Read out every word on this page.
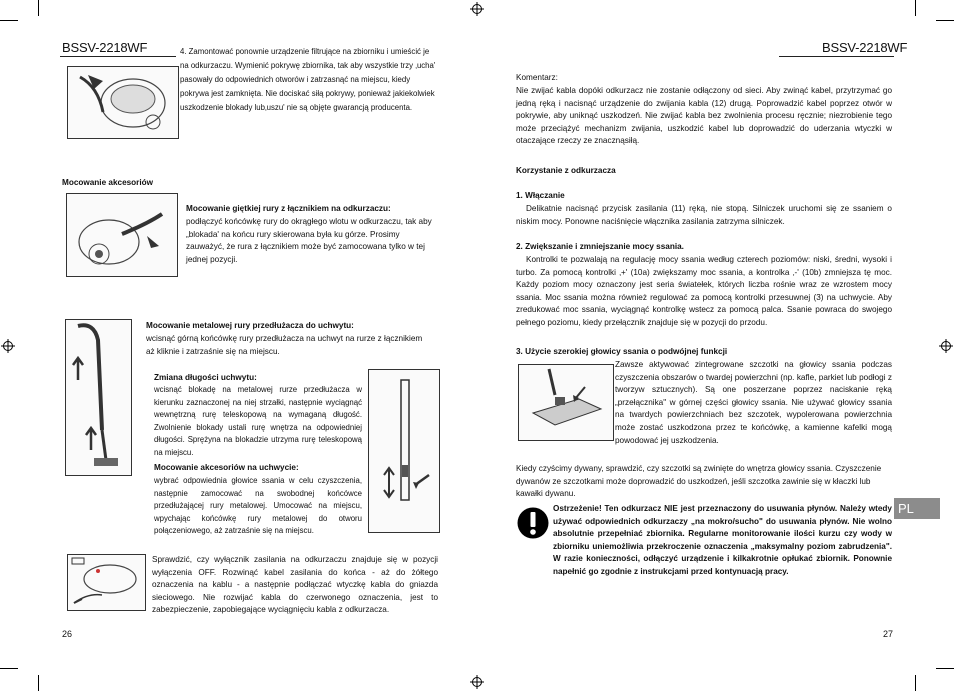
BSSV-2218WF	4. Zamontować ponownie urządzenie filtrujące na zbiorniku i umieścić je na odkurzaczu. Wymienić pokrywę zbiornika, tak aby wszystkie trzy ‚ucha' pasowały do odpowiednich otworów i zatrzasnąć na miejscu, kiedy pokrywa jest zamknięta. Nie dociskać siłą pokrywy, ponieważ jakiekolwiek uszkodzenie blokady lub‚uszu' nie są objęte gwarancją producenta.
Mocowanie akcesoriów
Mocowanie giętkiej rury z łącznikiem na odkurzaczu:
podłączyć końcówkę rury do okrągłego wlotu w odkurzaczu, tak aby „blokada' na końcu rury skierowana była ku górze. Prosimy zauważyć, że rura z łącznikiem może być zamocowana tylko w tej jednej pozycji.
Mocowanie metalowej rury przedłużacza do uchwytu:
wcisnąć górną końcówkę rury przedłużacza na uchwyt na rurze z łącznikiem aż kliknie i zatrzaśnie się na miejscu.
Zmiana długości uchwytu:
wcisnąć blokadę na metalowej rurze przedłużacza w kierunku zaznaczonej na niej strzałki, następnie wyciągnąć wewnętrzną rurę teleskopową na wymaganą długość. Zwolnienie blokady ustali rurę wnętrza na odpowiedniej długości. Sprężyna na blokadzie utrzyma rurę teleskopową na miejscu.
Mocowanie akcesoriów na uchwycie:
wybrać odpowiednia głowice ssania w celu czyszczenia, następnie zamocować na swobodnej końcówce przedłużającej rury metalowej. Umocować na miejscu, wpychając końcówkę rury metalowej do otworu połączeniowego, aż zatrzaśnie się na miejscu.
Sprawdzić, czy wyłącznik zasilania na odkurzaczu znajduje się w pozycji wyłączenia OFF. Rozwinąć kabel zasilania do końca - aż do żółtego oznaczenia na kablu - a następnie podłączać wtyczkę kabla do gniazda sieciowego. Nie rozwijać kabla do czerwonego oznaczenia, jest to zabezpieczenie, zapobiegające wyciągnięciu kabla z odkurzacza.
26
BSSV-2218WF
Komentarz:
Nie zwijać kabla dopóki odkurzacz nie zostanie odłączony od sieci. Aby zwinąć kabel, przytrzymać go jedną ręką i nacisnąć urządzenie do zwijania kabla (12) drugą. Poprowadzić kabel poprzez otwór w pokrywie, aby uniknąć uszkodzeń. Nie zwijać kabla bez zwolnienia procesu ręcznie; niezrobienie tego może przeciążyć mechanizm zwijania, uszkodzić kabel lub doprowadzić do uderzania wtyczki w otaczające rzeczy ze znacznąsiłą.
Korzystanie z odkurzacza
1. Włączanie
Delikatnie nacisnąć przycisk zasilania (11) ręką, nie stopą. Silniczek uruchomi się ze ssaniem o niskim mocy. Ponowne naciśnięcie włącznika zasilania zatrzyma silniczek.
2. Zwiększanie i zmniejszanie mocy ssania.
Kontrolki te pozwalają na regulację mocy ssania według czterech poziomów: niski, średni, wysoki i turbo. Za pomocą kontrolki ‚+' (10a) zwiększamy moc ssania, a kontrolka ‚-' (10b) zmniejsza tę moc. Każdy poziom mocy oznaczony jest seria światełek, których liczba rośnie wraz ze wzrostem mocy ssania. Moc ssania można również regulować za pomocą kontrolki przesuwnej (3) na uchwycie. Aby zredukować moc ssania, wyciągnąć kontrolkę wstecz za pomocą palca. Ssanie powraca do swojego pełnego poziomu, kiedy przełącznik znajduje się w pozycji do przodu.
3. Użycie szerokiej głowicy ssania o podwójnej funkcji
Zawsze aktywować zintegrowane szczotki na głowicy ssania podczas czyszczenia obszarów o twardej powierzchni (np. kafle, parkiet lub podłogi z tworzyw sztucznych). Są one poszerzane poprzez naciskanie ręką „przełącznika" w górnej części głowicy ssania. Nie używać głowicy ssania na twardych powierzchniach bez szczotek, wypolerowana powierzchnia może zostać uszkodzona przez te końcówkę, a kamienne kafelki mogą powodować jej uszkodzenia.
Kiedy czyścimy dywany, sprawdzić, czy szczotki są zwinięte do wnętrza głowicy ssania. Czyszczenie dywanów ze szczotkami może doprowadzić do uszkodzeń, jeśli szczotka zawinie się w kłaczki lub kawałki dywanu.
Ostrzeżenie! Ten odkurzacz NIE jest przeznaczony do usuwania płynów. Należy wtedy używać odpowiednich odkurzaczy „na mokro/sucho" do usuwania płynów. Nie wolno absolutnie przepełniać zbiornika. Regularne monitorowanie ilości kurzu czy wody w zbiorniku uniemożliwia przekroczenie oznaczenia „maksymalny poziom zabrudzenia". W razie konieczności, odłączyć urządzenie i kilkakrotnie opłukać zbiornik. Ponownie napełnić go zgodnie z instrukcjami przed kontynuacją pracy.
PL
27
